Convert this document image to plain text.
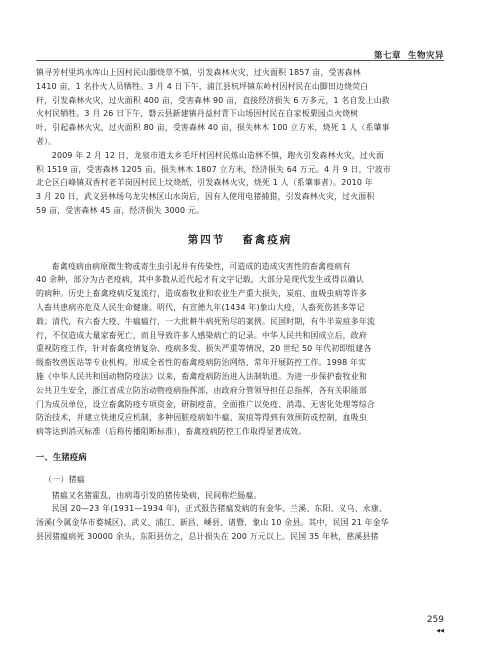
第七章 生物灾异

镇寻芳村里坞水库山上因村民山脚烧草不慎，引发森林火灾，过火面积 1857 亩，受害森林
1410 亩，1 名扑火人员牺牲。3 月 4 日下午，浦江县杭坪镇东岭村因村民在山脚田边烧荧白
秆，引发森林火灾，过火面积 400 亩，受害森林 90 亩，直接经济损失 6 万多元，1 名自发上山救
火村民牺牲。3 月 26 日下午，磐云县新建镇丹益村青下山场因村民在自家板栗园点火烧树
叶，引起森林火灾，过火面积 80 亩，受害森林 40 亩，损失林木 100 立方米，烧死 1 人（系肇事
者）。

2009 年 2 月 12 日，龙泉市道太乡毛圩村因村民炼山造林不慎，跑火引发森林火灾，过火面
积 1519 亩，受害森林 1205 亩，损失林木 1807 立方米，经济损失 64 万元。4 月 9 日，宁波市
北仑区白峰镇双香村老羊岗因村民上坟烧纸，引发森林火灾，烧死 1 人（系肇事者）。2010 年
3 月 20 日，武义县林场乌龙尖林区山水岗后，因有人使用电猪捕猎，引发森林火灾，过火面积
59 亩，受害森林 45 亩，经济损失 3000 元。

第四节 畜禽疫病

畜禽疫病由病原微生物或寄生虫引起并有传染性，可造成的造成灾害性的畜禽疫病有
40 余种，部分为古老疫病，其中多数从近代起才有文字记载，大部分是现代发生或得以确认
的病种。历史上畜禽疫病反复流行，造成畜牧业和农业生产重大损失，炭疽、血吸虫病等许多
人畜共患病亦危及人民生命健康。明代，有宣德九年(1434 年)象山大疫，人畜死伤甚多等记
载；清代，有六畜大疫、牛瘟瘟行，一大批耕牛病死殆尽的案例。民国时期，有牛半炭疽多年流
行，不仅造成大量家畜死亡，而且导致许多人感染病亡的记录。中华人民共和国成立后，政府
重视防疫工作，针对畜禽疫情复杂、疫病多发、损失严重等情况，20 世纪 50 年代初即组建各
级畜牧兽医站等专业机构，形成全省性的畜禽疫病防治网络，常年开展防控工作。1998 年实
施《中华人民共和国动物防疫法》以来，畜禽疫病防治进入法制轨道。为进一步保护畜牧业和
公共卫生安全，浙江省成立防治动物疫病指挥部，由政府分管领导担任总指挥，各有关职能部
门为成员单位，设立畜禽防疫专项资金，研制疫苗，全面推广以免疫、消毒、无害化处理等综合
防治技术，并建立快速反应机制，多种因脏疫病如牛瘟、炭疽等得到有效预防或控制，血吸虫
病等达到消灭标准（后称传播阻断标准），畜禽疫病防控工作取得显著成效。

一、生猪疫病
（一）猪瘟

猪瘟又名猪霍乱，由病毒引发的猪传染病，民间称烂肠瘟。

民国 20—23 年(1931—1934 年)，正式报告猪瘟发病的有金华、兰溪、东阳、义乌、永康、
汤溪(今属金华市婺城区)、武义、浦江、新昌、嵊县、诸暨、象山 10 余县。其中，民国 21 年金华
县因猪瘟病死 30000 余头，东阳县仿之，总计损失在 200 万元以上。民国 35 年秋，慈溪县猪

259 ◀◀
